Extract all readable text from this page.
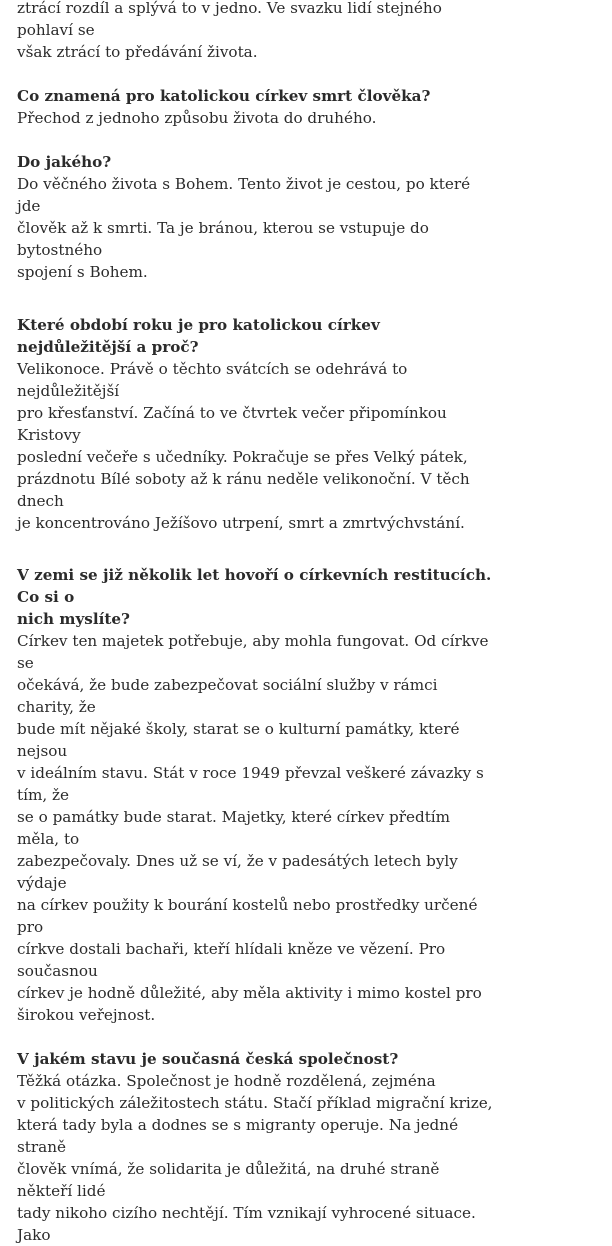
ztrácí rozdíl a splývá to v jedno. Ve svazku lidí stejného pohlaví se
však ztrácí to předávání života.

Co znamená pro katolickou církev smrt člověka?
Přechod z jednoho způsobu života do druhého.

Do jakého?
Do věčného života s Bohem. Tento život je cestou, po které jde
člověk až k smrti. Ta je bránou, kterou se vstupuje do bytostného
spojení s Bohem.

Které období roku je pro katolickou církev nejdůležitější a proč?
Velikonoce. Právě o těchto svátcích se odehrává to nejdůležitější
pro křesťanství. Začíná to ve čtvrtek večer připomínkou Kristovy
poslední večeře s učedníky. Pokračuje se přes Velký pátek,
prázdnotu Bílé soboty až k ránu neděle velikonoční. V těch dnech
je koncentrováno Ježíšovo utrpení, smrt a zmrtvýchvstání.

V zemi se již několik let hovoří o církevních restitucích. Co si o
nich myslíte?
Církev ten majetek potřebuje, aby mohla fungovat. Od církve se
očekává, že bude zabezpečovat sociální služby v rámci charity, že
bude mít nějaké školy, starat se o kulturní památky, které nejsou
v ideálním stavu. Stát v roce 1949 převzal veškeré závazky s tím, že
se o památky bude starat. Majetky, které církev předtím měla, to
zabezpečovaly. Dnes už se ví, že v padesátých letech byly výdaje
na církev použity k bourání kostelů nebo prostředky určené pro
církve dostali bachaři, kteří hlídali kněze ve vězení. Pro současnou
církev je hodně důležité, aby měla aktivity i mimo kostel pro
širokou veřejnost.

V jakém stavu je současná česká společnost?
Těžká otázka. Společnost je hodně rozdělená, zejména
v politických záležitostech státu. Stačí příklad migrační krize,
která tady byla a dodnes se s migranty operuje. Na jedné straně
člověk vnímá, že solidarita je důležitá, na druhé straně někteří lidé
tady nikoho cizího nechtějí. Tím vznikají vyhrocené situace. Jako
